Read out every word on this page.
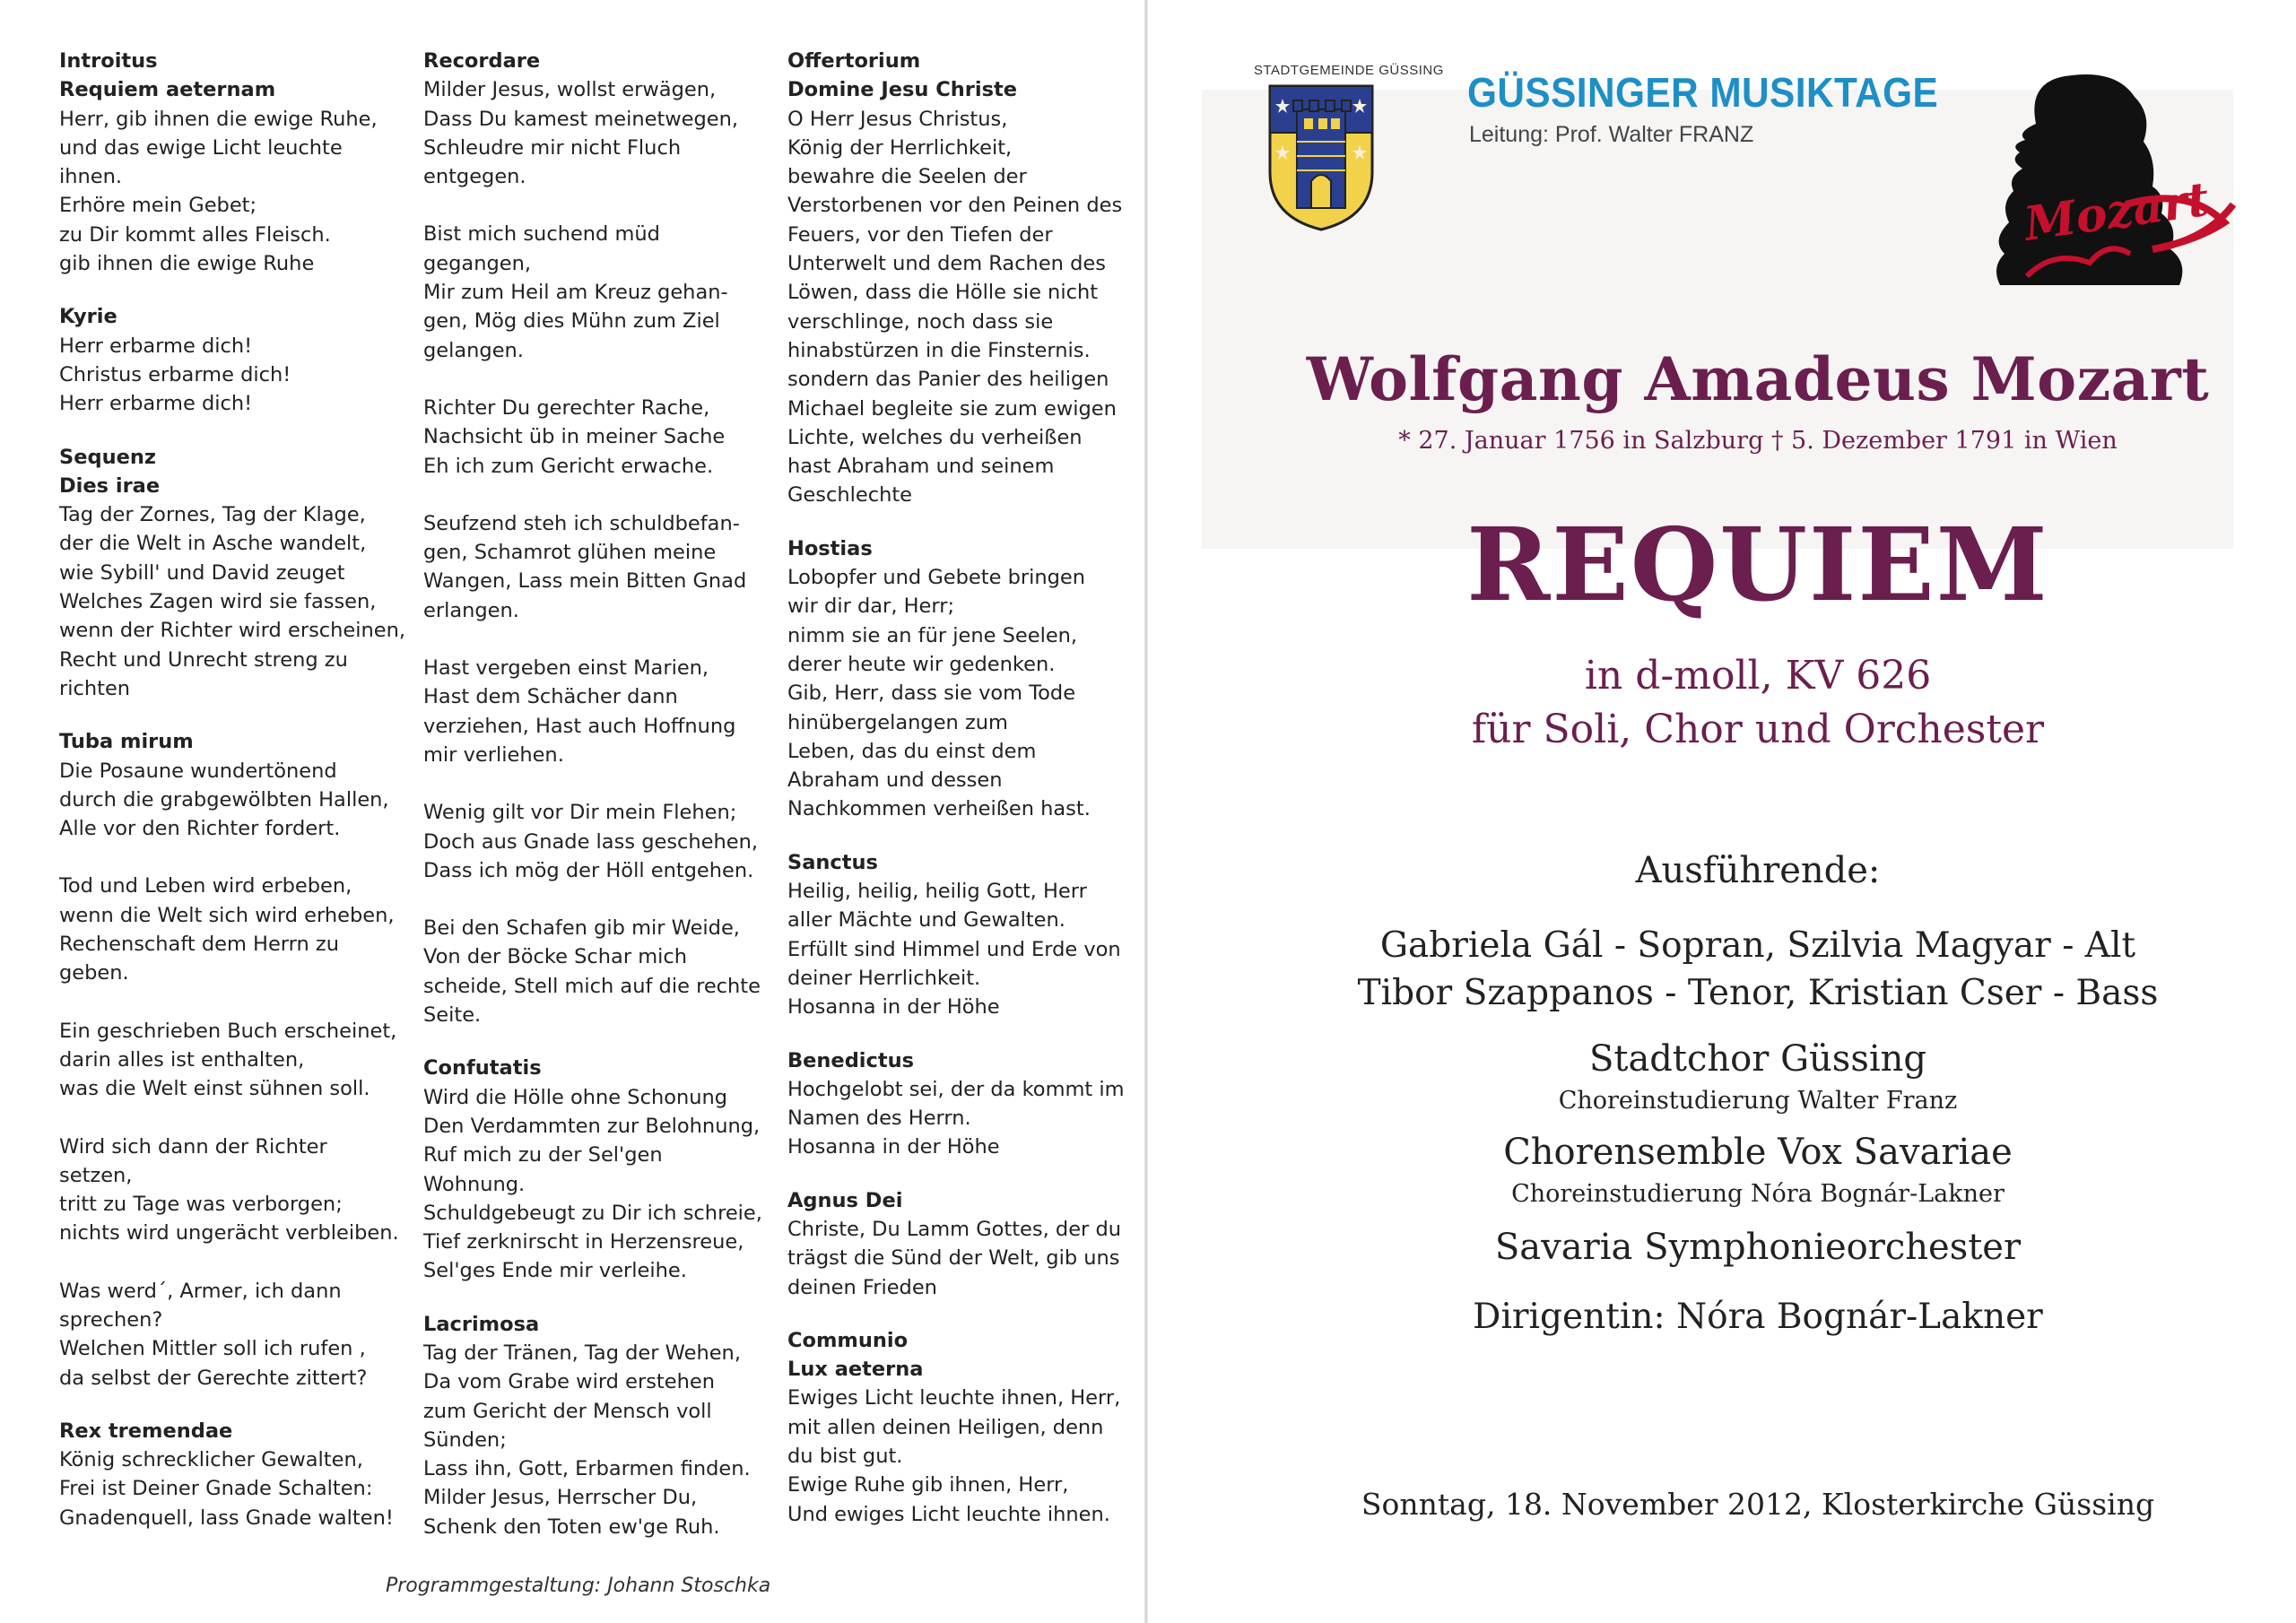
Introitus
Requiem aeternam

Herr, gib ihnen die ewige Ruhe,

und das ewige Licht leuchte

ihnen.

Erhöre mein Gebet;

zu Dir kommt alles Fleisch.

gib ihnen die ewige Ruhe

Kyrie

Herr erbarme dich!

Christus erbarme dich!

Herr erbarme dich!

Sequenz
Dies irae

Tag der Zornes, Tag der Klage,

der die Welt in Asche wandelt,

wie Sybill' und David zeuget

Welches Zagen wird sie fassen,

wenn der Richter wird erscheinen,

Recht und Unrecht streng zu

richten

Tuba mirum

Die Posaune wundertönend

durch die grabgewölbten Hallen,

Alle vor den Richter fordert.

Tod und Leben wird erbeben,

wenn die Welt sich wird erheben,

Rechenschaft dem Herrn zu

geben.

Ein geschrieben Buch erscheinet,

darin alles ist enthalten,

was die Welt einst sühnen soll.

Wird sich dann der Richter

setzen,

tritt zu Tage was verborgen;

nichts wird ungerächt verbleiben.

Was werd´, Armer, ich dann

sprechen?

Welchen Mittler soll ich rufen ,

da selbst der Gerechte zittert?

Rex tremendae

König schrecklicher Gewalten,

Frei ist Deiner Gnade Schalten:

Gnadenquell, lass Gnade walten!

Recordare

Milder Jesus, wollst erwägen,

Dass Du kamest meinetwegen,

Schleudre mir nicht Fluch

entgegen.

Bist mich suchend müd

gegangen,

Mir zum Heil am Kreuz gehan-

gen, Mög dies Mühn zum Ziel

gelangen.

Richter Du gerechter Rache,

Nachsicht üb in meiner Sache

Eh ich zum Gericht erwache.

Seufzend steh ich schuldbefan-

gen, Schamrot glühen meine

Wangen, Lass mein Bitten Gnad

erlangen.

Hast vergeben einst Marien,

Hast dem Schächer dann

verziehen, Hast auch Hoffnung

mir verliehen.

Wenig gilt vor Dir mein Flehen;

Doch aus Gnade lass geschehen,

Dass ich mög der Höll entgehen.

Bei den Schafen gib mir Weide,

Von der Böcke Schar mich

scheide, Stell mich auf die rechte

Seite.

Confutatis

Wird die Hölle ohne Schonung

Den Verdammten zur Belohnung,

Ruf mich zu der Sel'gen

Wohnung.

Schuldgebeugt zu Dir ich schreie,

Tief zerknirscht in Herzensreue,

Sel'ges Ende mir verleihe.

Lacrimosa

Tag der Tränen, Tag der Wehen,

Da vom Grabe wird erstehen

zum Gericht der Mensch voll

Sünden;

Lass ihn, Gott, Erbarmen finden.

Milder Jesus, Herrscher Du,

Schenk den Toten ew'ge Ruh.

Offertorium
Domine Jesu Christe

O Herr Jesus Christus,

König der Herrlichkeit,

bewahre die Seelen der

Verstorbenen vor den Peinen des

Feuers, vor den Tiefen der

Unterwelt und dem Rachen des

Löwen, dass die Hölle sie nicht

verschlinge, noch dass sie

hinabstürzen in die Finsternis.

sondern das Panier des heiligen

Michael begleite sie zum ewigen

Lichte, welches du verheißen

hast Abraham und seinem

Geschlechte

Hostias

Lobopfer und Gebete bringen

wir dir dar, Herr;

nimm sie an für jene Seelen,

derer heute wir gedenken.

Gib, Herr, dass sie vom Tode

hinübergelangen zum

Leben, das du einst dem

Abraham und dessen

Nachkommen verheißen hast.

Sanctus

Heilig, heilig, heilig Gott, Herr

aller Mächte und Gewalten.

Erfüllt sind Himmel und Erde von

deiner Herrlichkeit.

Hosanna in der Höhe

Benedictus

Hochgelobt sei, der da kommt im

Namen des Herrn.

Hosanna in der Höhe

Agnus Dei

Christe, Du Lamm Gottes, der du

trägst die Sünd der Welt, gib uns

deinen Frieden

Communio
Lux aeterna

Ewiges Licht leuchte ihnen, Herr,

mit allen deinen Heiligen, denn

du bist gut.

Ewige Ruhe gib ihnen, Herr,

Und ewiges Licht leuchte ihnen.

Programmgestaltung: Johann Stoschka
STADTGEMEINDE GÜSSING GÜSSINGER MUSIKTAGE
Leitung: Prof. Walter FRANZ
Mozart
Wolfgang Amadeus Mozart
* 27. Januar 1756 in Salzburg † 5. Dezember 1791 in Wien
REQUIEM
in d-moll, KV 626
für Soli, Chor und Orchester
Ausführende:
Gabriela Gál - Sopran, Szilvia Magyar - Alt
Tibor Szappanos - Tenor, Kristian Cser - Bass
Stadtchor Güssing
Choreinstudierung Walter Franz
Chorensemble Vox Savariae
Choreinstudierung Nóra Bognár-Lakner
Savaria Symphonieorchester
Dirigentin: Nóra Bognár-Lakner
Sonntag, 18. November 2012, Klosterkirche Güssing
